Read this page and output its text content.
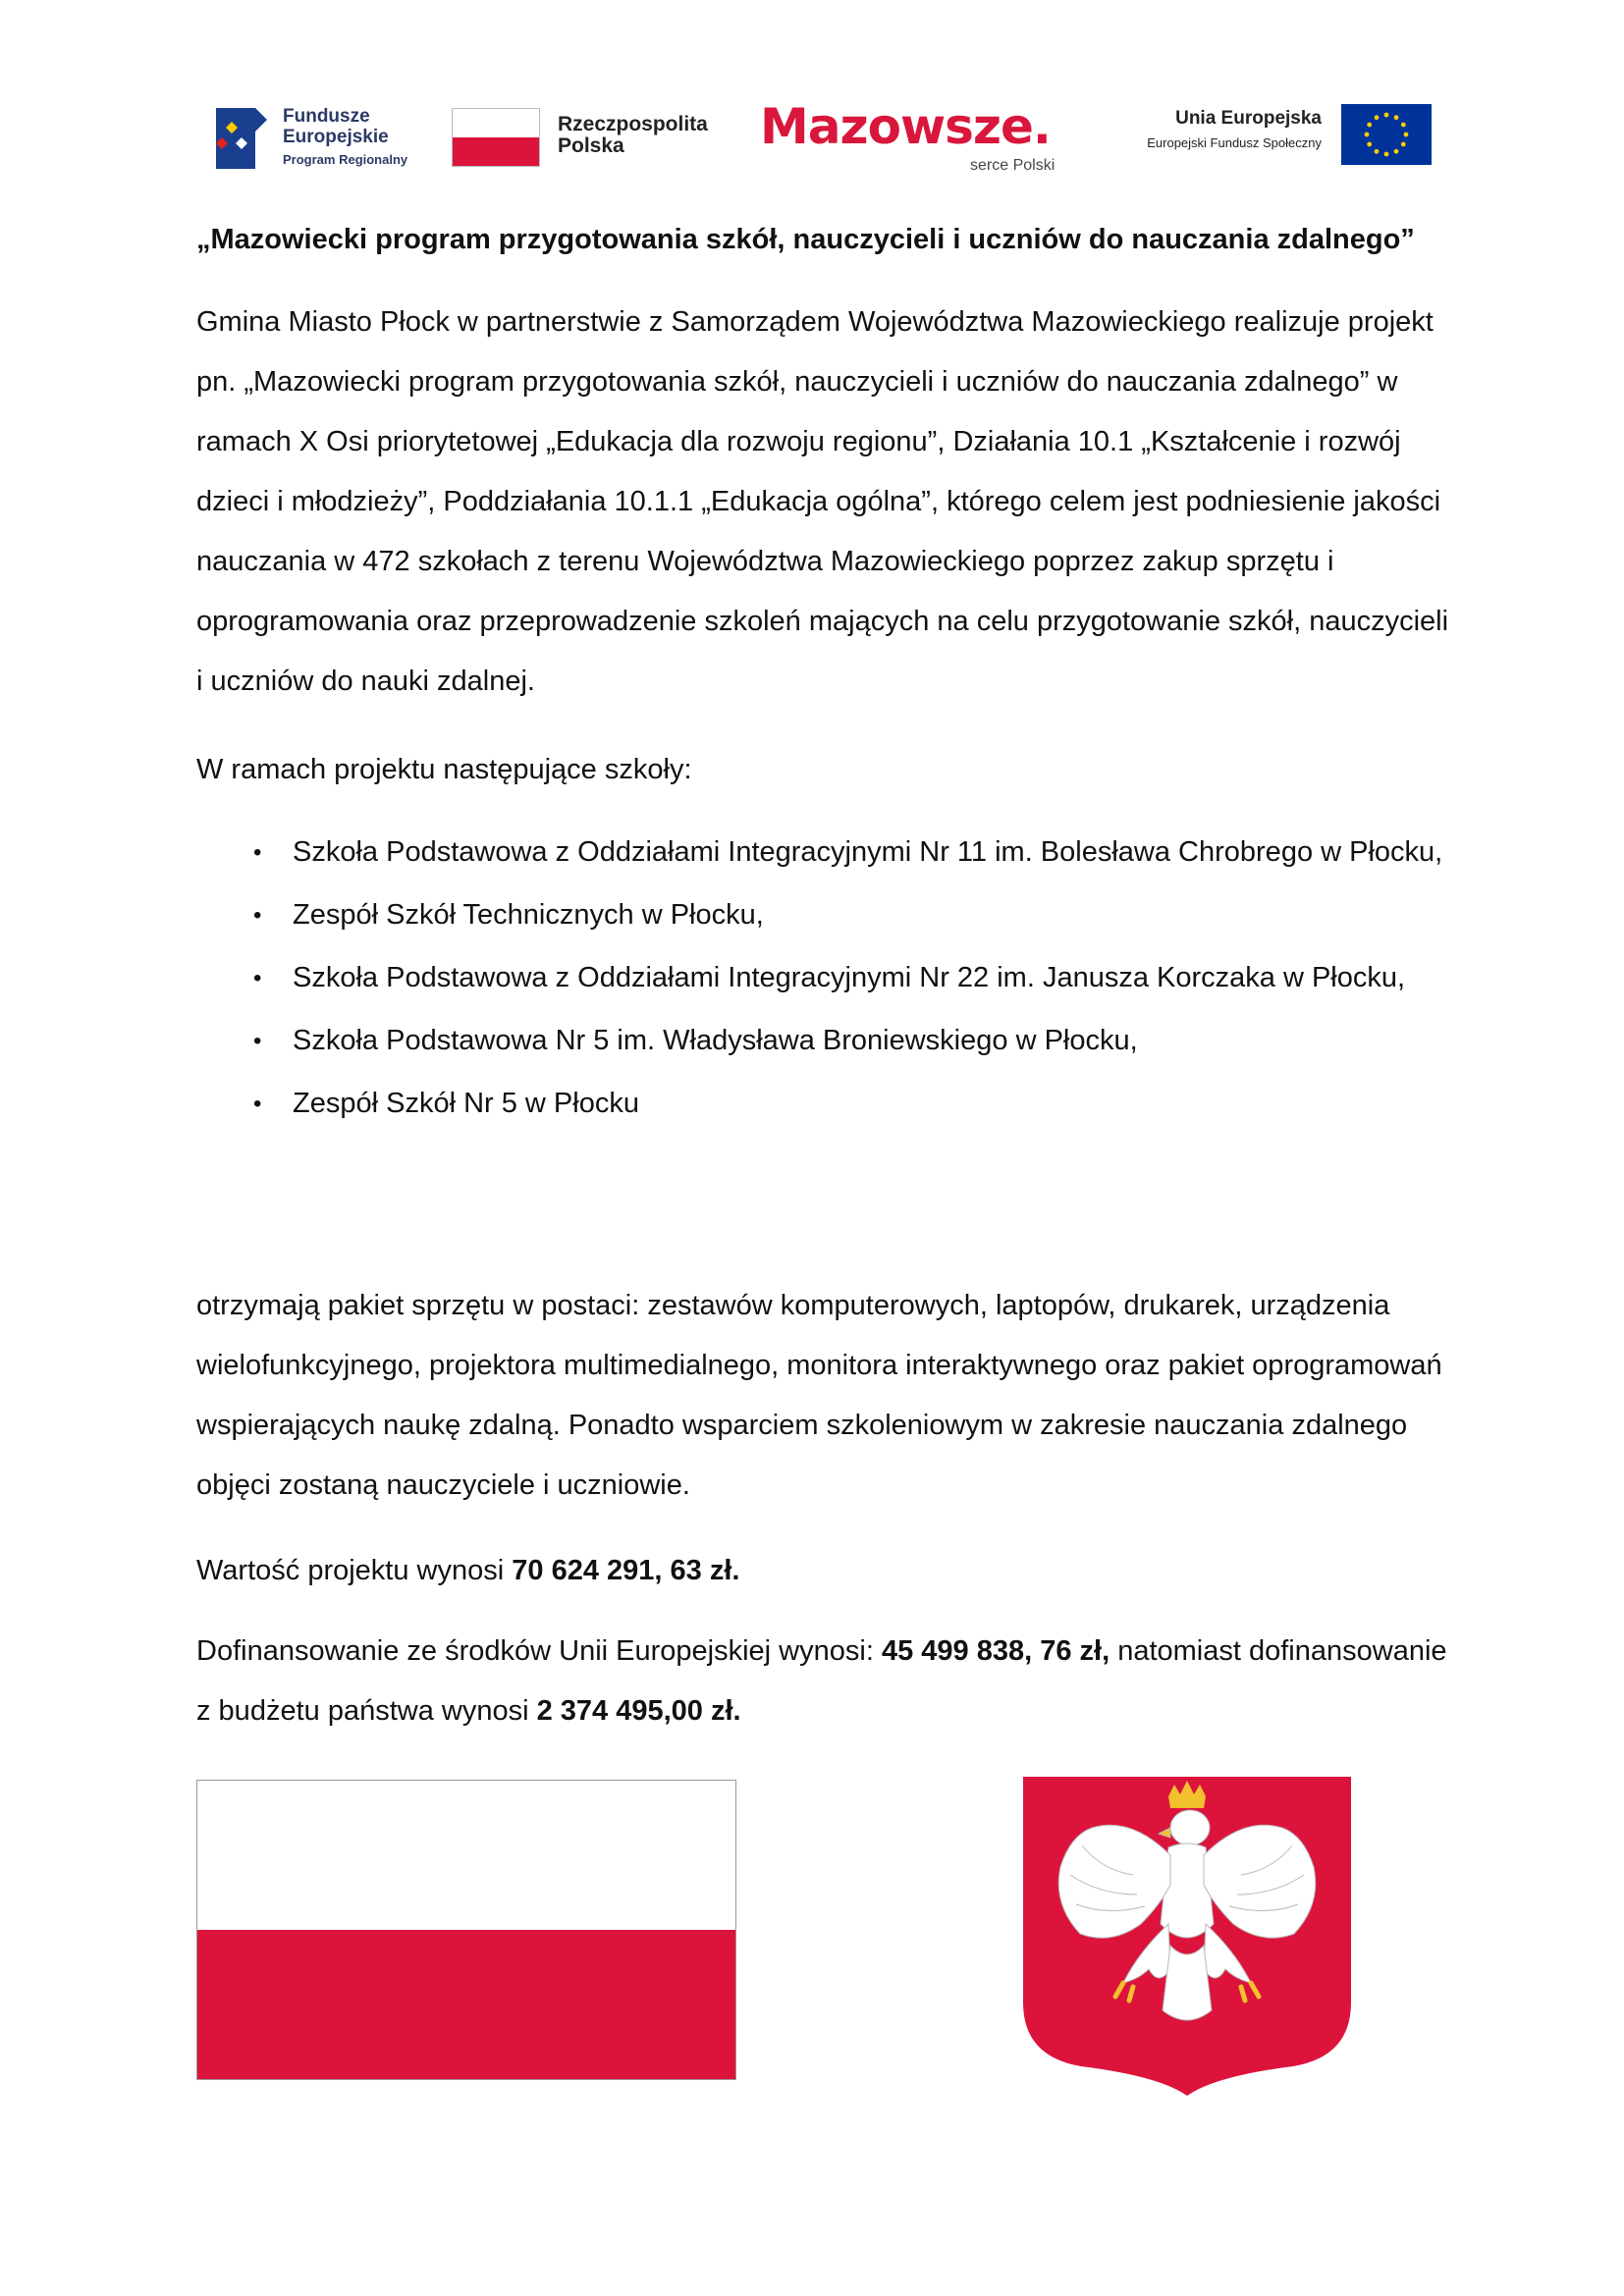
Fundusze
Europejskie
Program Regionalny
Rzeczpospolita
Polska	Mazowsze.
serce Polski
Unia Europejska
Europejski Fundusz Społeczny
„Mazowiecki program przygotowania szkół, nauczycieli i uczniów do nauczania zdalnego”
Gmina Miasto Płock w partnerstwie z Samorządem Województwa Mazowieckiego realizuje projekt pn. „Mazowiecki program przygotowania szkół, nauczycieli i uczniów do nauczania zdalnego” w ramach X Osi priorytetowej „Edukacja dla rozwoju regionu”, Działania 10.1 „Kształcenie i rozwój dzieci i młodzieży”, Poddziałania 10.1.1 „Edukacja ogólna”, którego celem jest podniesienie jakości nauczania w 472 szkołach z terenu Województwa Mazowieckiego poprzez zakup sprzętu i oprogramowania oraz przeprowadzenie szkoleń mających na celu przygotowanie szkół, nauczycieli i uczniów do nauki zdalnej.
W ramach projektu następujące szkoły:
• Szkoła Podstawowa z Oddziałami Integracyjnymi Nr 11 im. Bolesława Chrobrego w Płocku,
• Zespół Szkół Technicznych w Płocku,
• Szkoła Podstawowa z Oddziałami Integracyjnymi Nr 22 im. Janusza Korczaka w Płocku,
• Szkoła Podstawowa Nr 5 im. Władysława Broniewskiego w Płocku,
• Zespół Szkół Nr 5 w Płocku
otrzymają pakiet sprzętu w postaci: zestawów komputerowych, laptopów, drukarek, urządzenia wielofunkcyjnego, projektora multimedialnego, monitora interaktywnego oraz pakiet oprogramowań wspierających naukę zdalną. Ponadto wsparciem szkoleniowym w zakresie nauczania zdalnego objęci zostaną nauczyciele i uczniowie.
Wartość projektu wynosi 70 624 291, 63 zł.
Dofinansowanie ze środków Unii Europejskiej wynosi: 45 499 838, 76 zł, natomiast dofinansowanie z budżetu państwa wynosi 2 374 495,00 zł.
